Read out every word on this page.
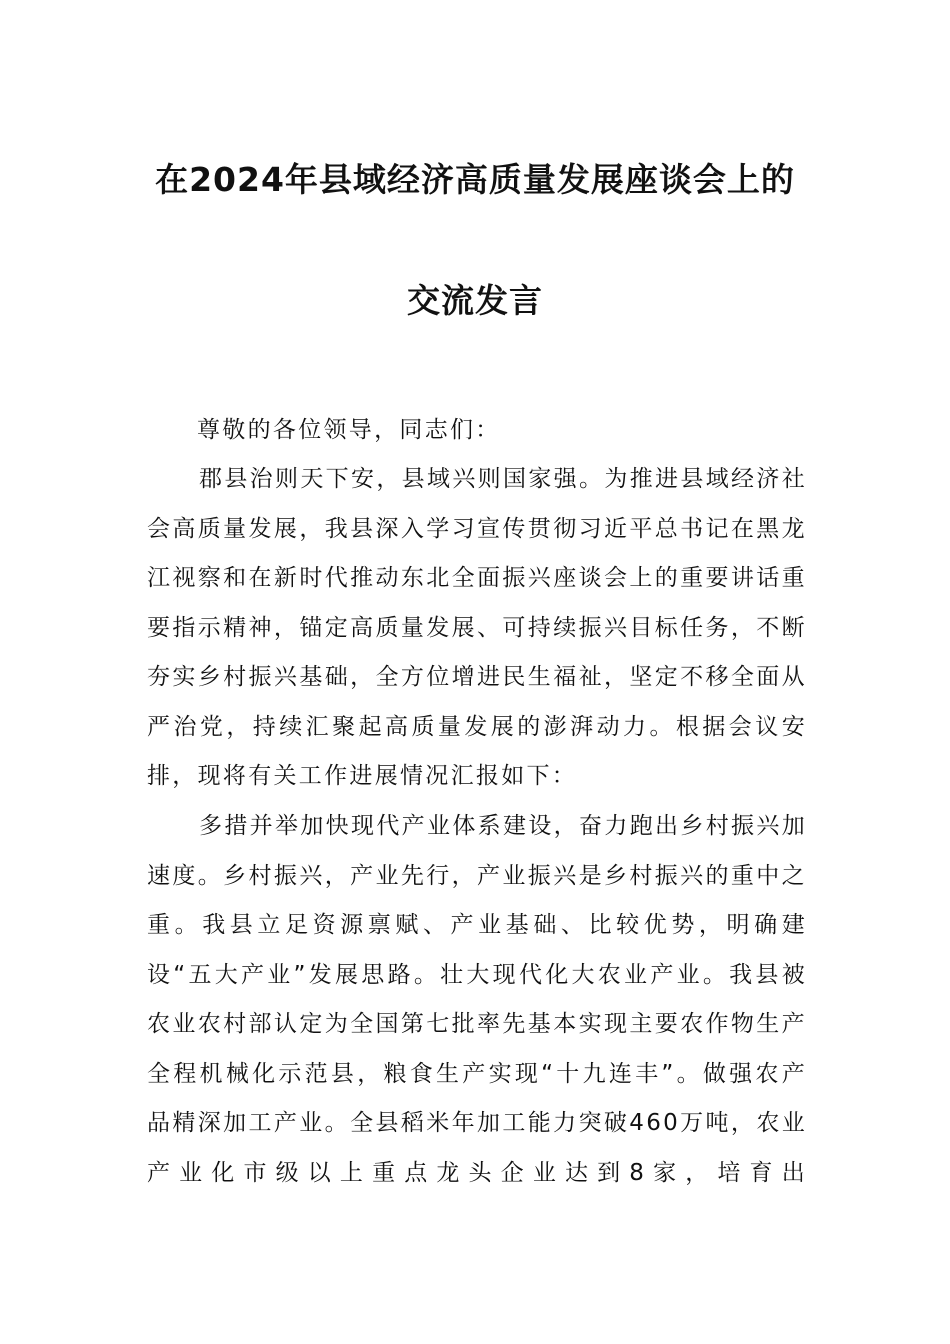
在2024年县域经济高质量发展座谈会上的
交流发言
尊敬的各位领导，同志们：
郡县治则天下安，县域兴则国家强。为推进县域经济社会高质量发展，我县深入学习宣传贯彻习近平总书记在黑龙江视察和在新时代推动东北全面振兴座谈会上的重要讲话重要指示精神，锚定高质量发展、可持续振兴目标任务，不断夯实乡村振兴基础，全方位增进民生福祉，坚定不移全面从严治党，持续汇聚起高质量发展的澎湃动力。根据会议安排，现将有关工作进展情况汇报如下：
多措并举加快现代产业体系建设，奋力跑出乡村振兴加速度。乡村振兴，产业先行，产业振兴是乡村振兴的重中之重。我县立足资源禀赋、产业基础、比较优势，明确建设“五大产业”发展思路。壮大现代化大农业产业。我县被农业农村部认定为全国第七批率先基本实现主要农作物生产全程机械化示范县，粮食生产实现“十九连丰”。做强农产品精深加工产业。全县稻米年加工能力突破460万吨，农业产业化市级以上重点龙头企业达到8家，培育出
